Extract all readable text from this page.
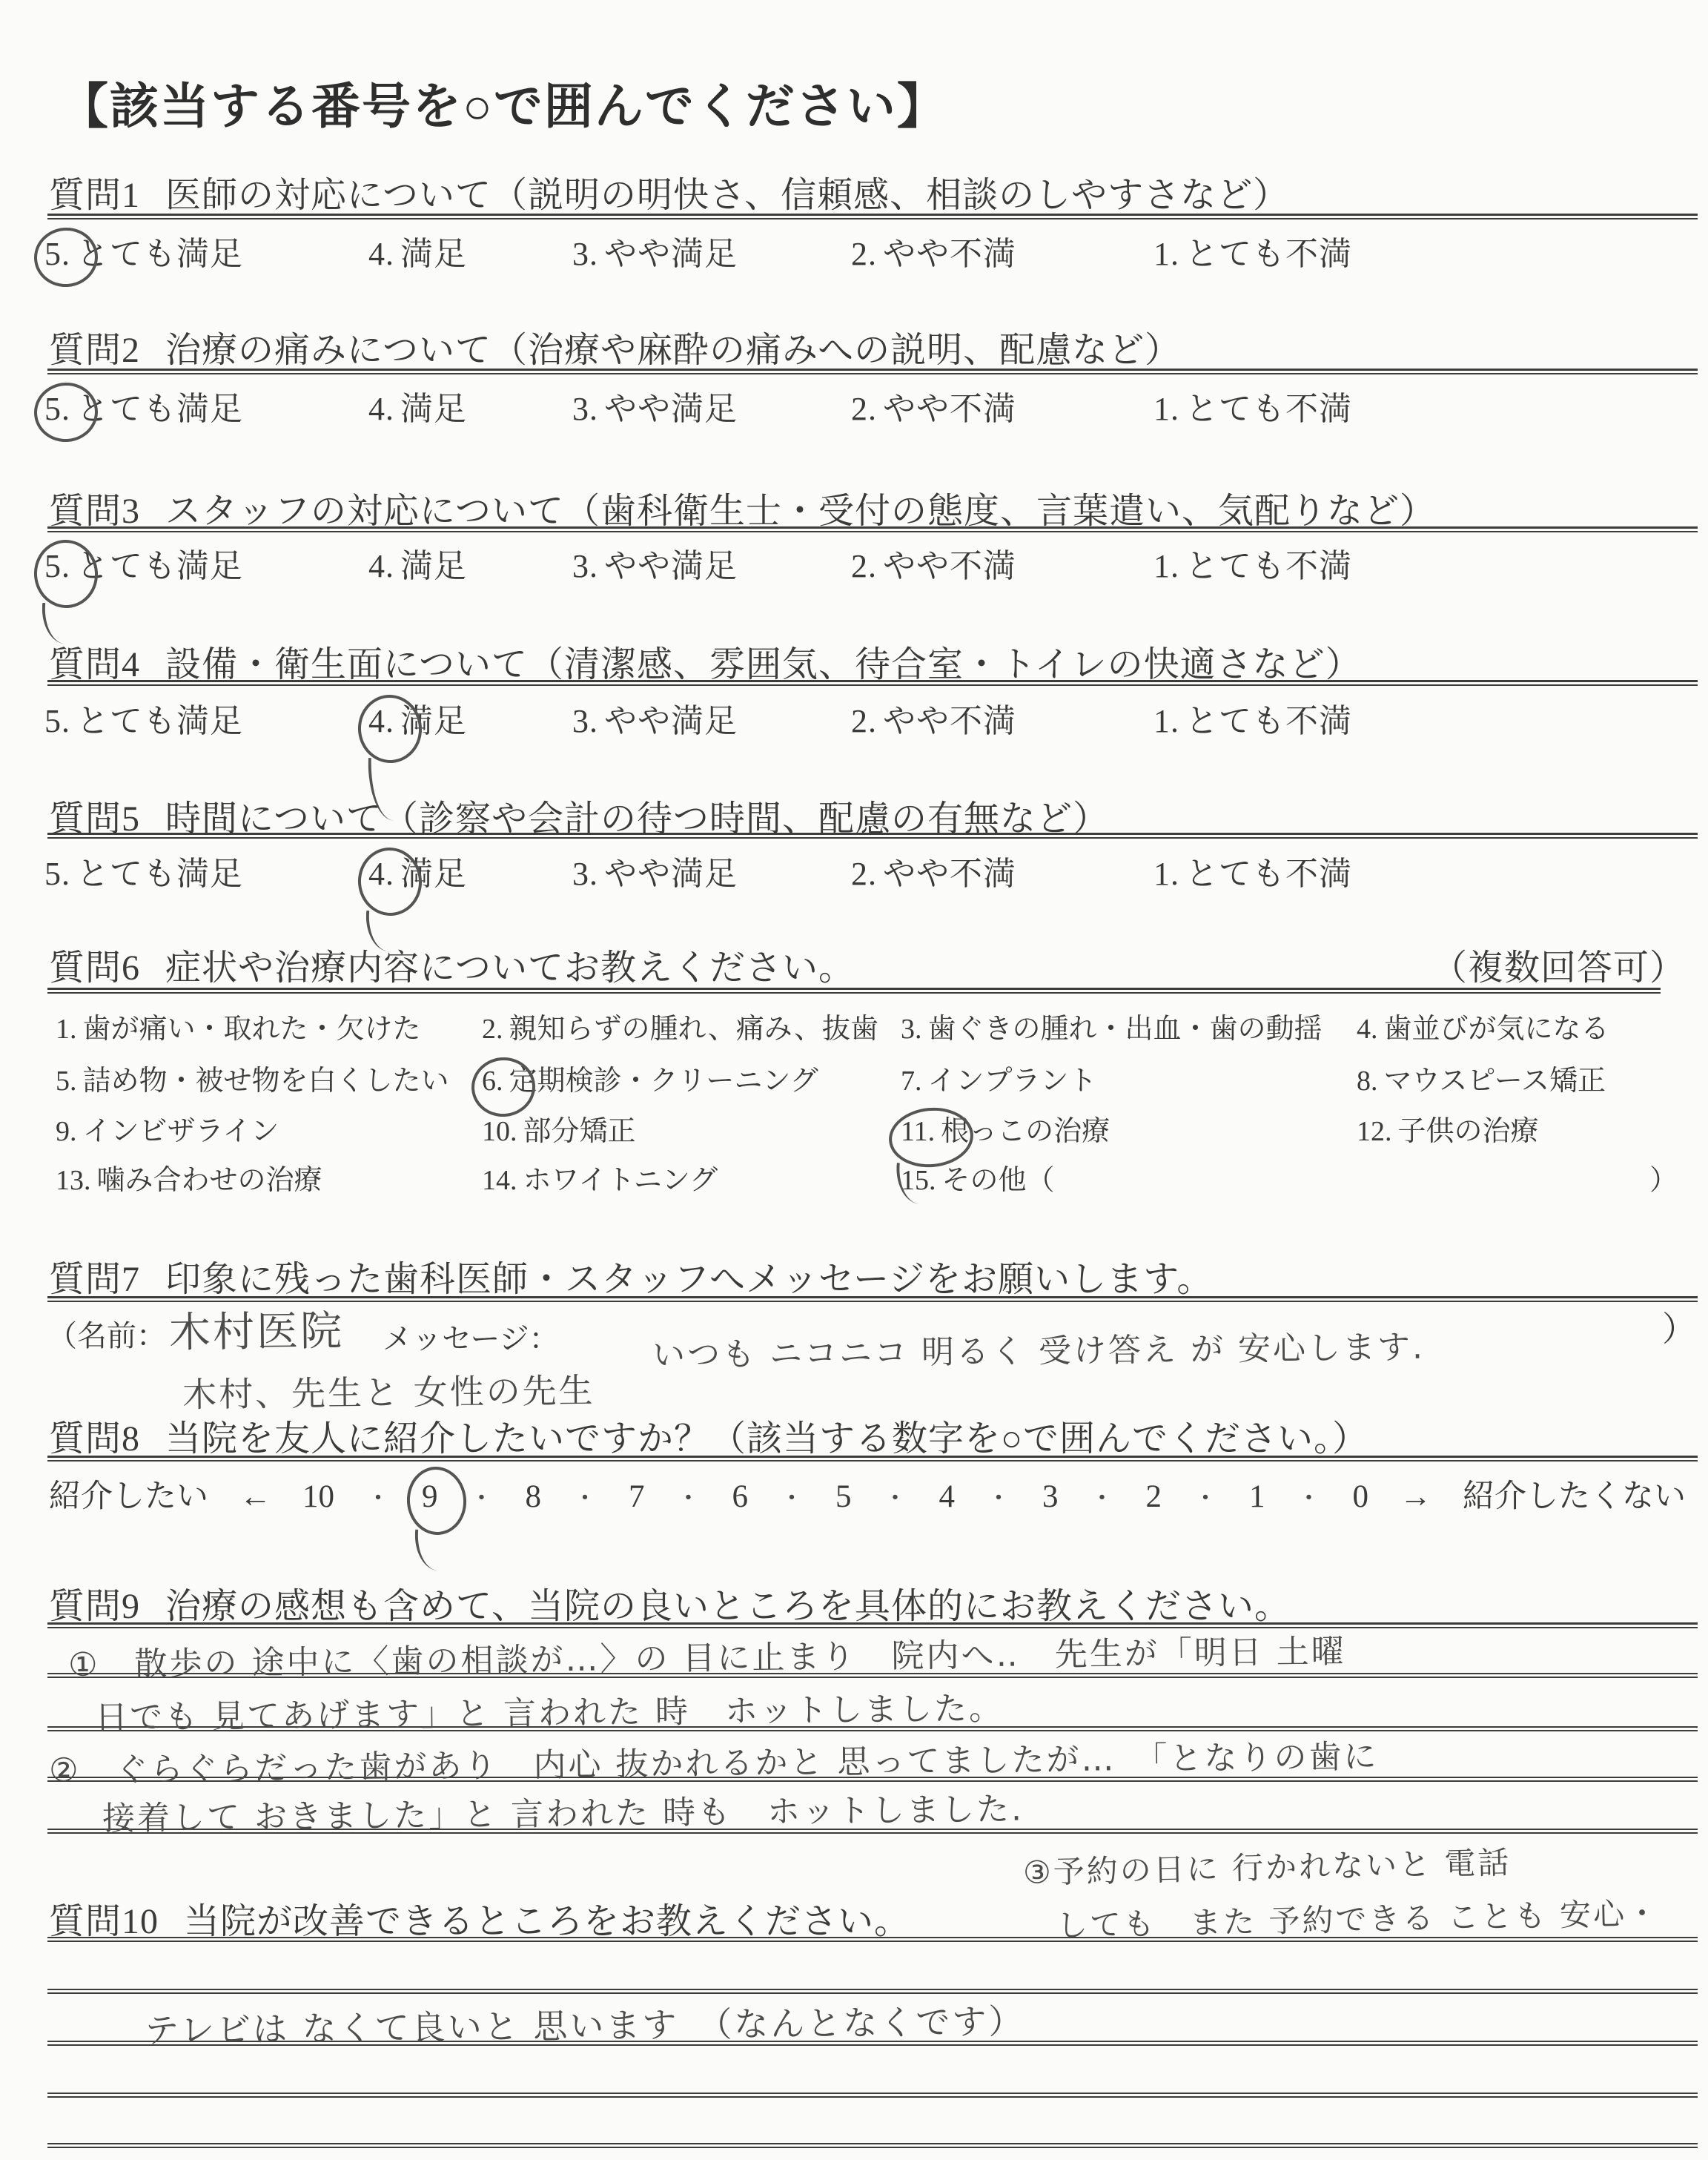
【該当する番号を○で囲んでください】
質問1 医師の対応について（説明の明快さ、信頼感、相談のしやすさなど）
5. とても満足	4. 満足	3. やや満足	2. やや不満	1. とても不満
質問2 治療の痛みについて（治療や麻酔の痛みへの説明、配慮など）
5. とても満足	4. 満足	3. やや満足	2. やや不満	1. とても不満
質問3 スタッフの対応について（歯科衛生士・受付の態度、言葉遣い、気配りなど）
5. とても満足	4. 満足	3. やや満足	2. やや不満	1. とても不満
質問4 設備・衛生面について（清潔感、雰囲気、待合室・トイレの快適さなど）
5. とても満足	4. 満足	3. やや満足	2. やや不満	1. とても不満
質問5 時間について（診察や会計の待つ時間、配慮の有無など）
5. とても満足	4. 満足	3. やや満足	2. やや不満	1. とても不満
質問6 症状や治療内容についてお教えください。	（複数回答可）
1. 歯が痛い・取れた・欠けた 2. 親知らずの腫れ、痛み、抜歯 3. 歯ぐきの腫れ・出血・歯の動揺 4. 歯並びが気になる
5. 詰め物・被せ物を白くしたい 6. 定期検診・クリーニング	7. インプラント	8. マウスピース矯正
9. インビザライン	10. 部分矯正	11. 根っこの治療	12. 子供の治療
13. 噛み合わせの治療	14. ホワイトニング	15. その他（	）
質問7 印象に残った歯科医師・スタッフへメッセージをお願いします。
（名前： 木村医院 メッセージ：	いつも ニコニコ 明るく 受け答え が 安心します.
木村、先生と 女性の先生
）
質問8 当院を友人に紹介したいですか？（該当する数字を○で囲んでください。）
紹介したい ← 10 ・ 9 ・ 8 ・ 7 ・ 6 ・ 5 ・ 4 ・ 3 ・ 2 ・ 1 ・ 0 → 紹介したくない
質問9 治療の感想も含めて、当院の良いところを具体的にお教えください。
①　散歩の 途中に〈歯の相談が…〉の 目に止まり　院内へ‥　先生が「明日 土曜
日でも 見てあげます」と 言われた 時　ホットしました。
②　ぐらぐらだった歯があり　内心 抜かれるかと 思ってましたが…　「となりの歯に
接着して おきました」と 言われた 時も　ホットしました.
③予約の日に 行かれないと 電話
しても　また 予約できる ことも 安心・
質問10 当院が改善できるところをお教えください。
テレビは なくて良いと 思います　（なんとなくです）
